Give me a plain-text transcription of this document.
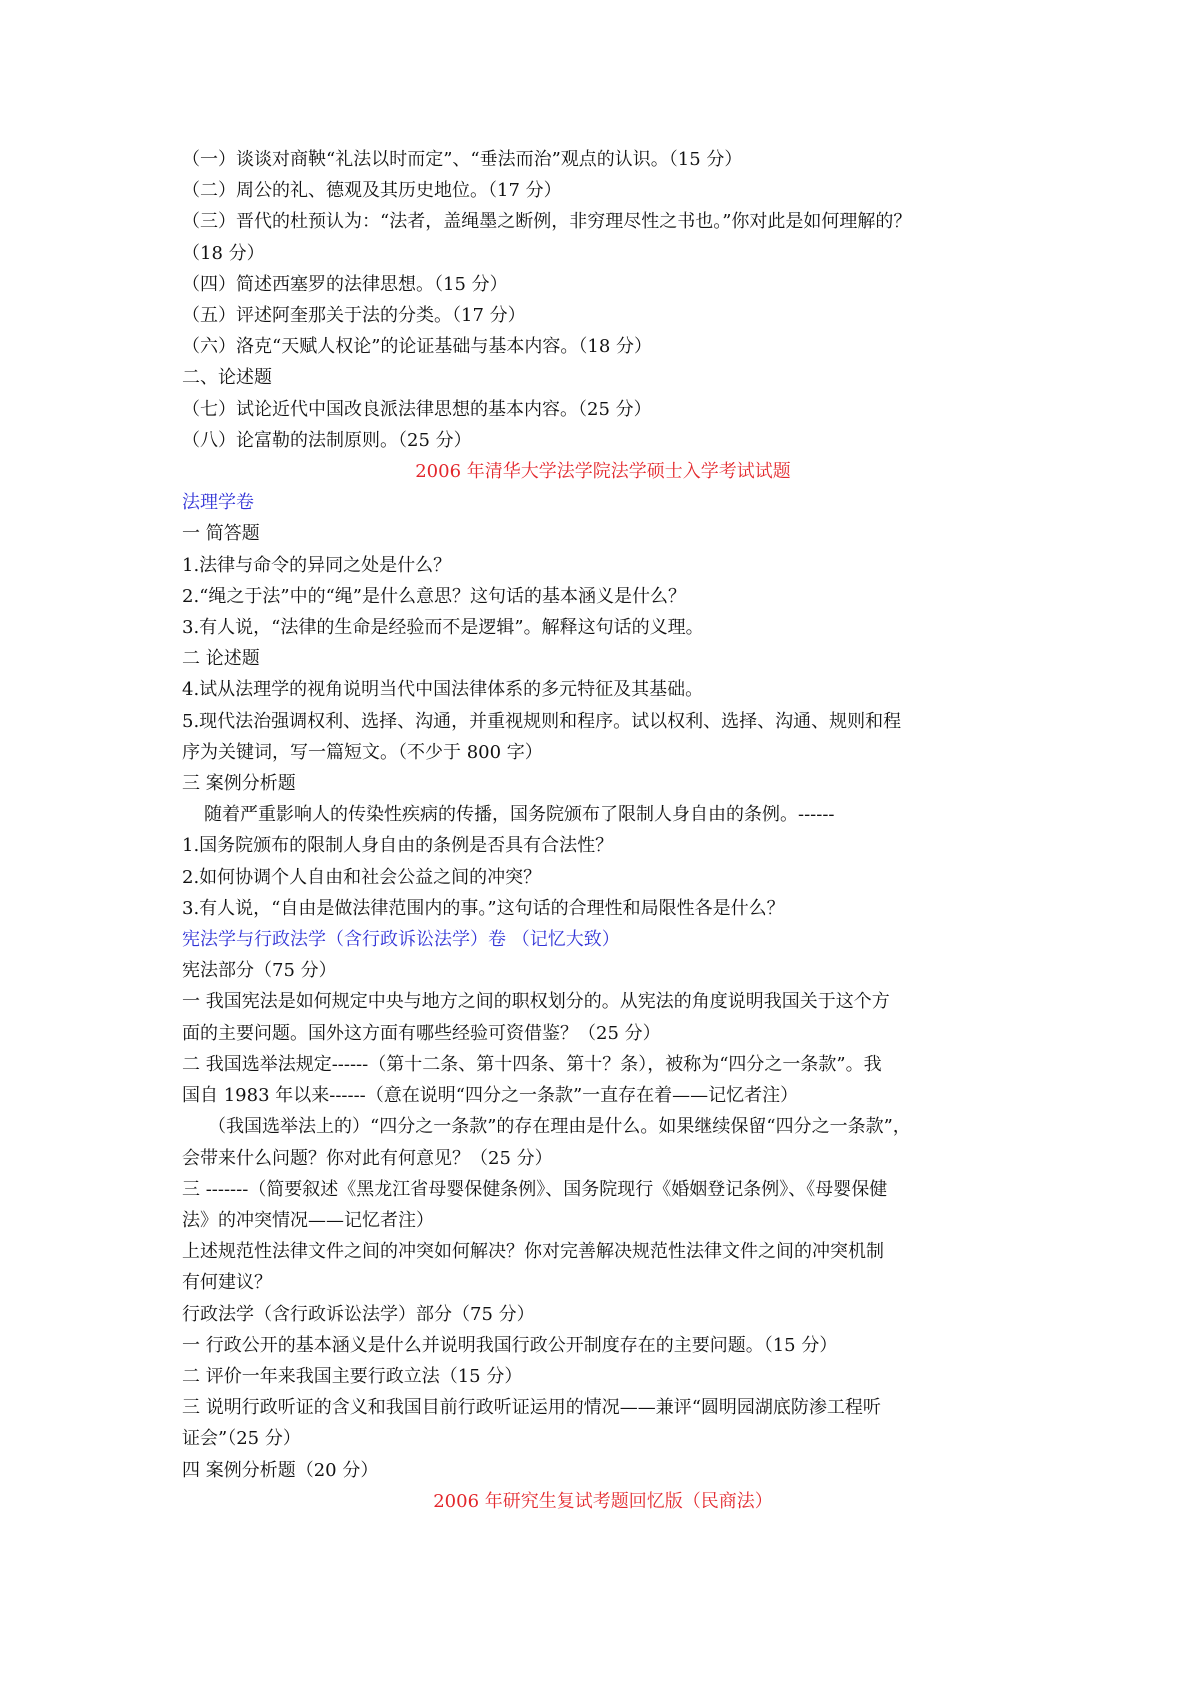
（一）谈谈对商鞅“礼法以时而定”、“垂法而治”观点的认识。（15 分）
（二）周公的礼、德观及其历史地位。（17 分）
（三）晋代的杜预认为：“法者，盖绳墨之断例，非穷理尽性之书也。”你对此是如何理解的？
（18 分）
（四）简述西塞罗的法律思想。（15 分）
（五）评述阿奎那关于法的分类。（17 分）
（六）洛克“天赋人权论”的论证基础与基本内容。（18 分）
二、论述题
（七）试论近代中国改良派法律思想的基本内容。（25 分）
（八）论富勒的法制原则。（25 分）
2006 年清华大学法学院法学硕士入学考试试题
法理学卷
一 简答题
1.法律与命令的异同之处是什么？
2.“绳之于法”中的“绳”是什么意思？这句话的基本涵义是什么？
3.有人说，“法律的生命是经验而不是逻辑”。解释这句话的义理。
二 论述题
4.试从法理学的视角说明当代中国法律体系的多元特征及其基础。
5.现代法治强调权利、选择、沟通，并重视规则和程序。试以权利、选择、沟通、规则和程
序为关键词，写一篇短文。（不少于 800 字）
三 案例分析题
随着严重影响人的传染性疾病的传播，国务院颁布了限制人身自由的条例。------
1.国务院颁布的限制人身自由的条例是否具有合法性？
2.如何协调个人自由和社会公益之间的冲突？
3.有人说，“自由是做法律范围内的事。”这句话的合理性和局限性各是什么？
宪法学与行政法学（含行政诉讼法学）卷 （记忆大致）
宪法部分（75 分）
一 我国宪法是如何规定中央与地方之间的职权划分的。从宪法的角度说明我国关于这个方
面的主要问题。国外这方面有哪些经验可资借鉴？（25 分）
二 我国选举法规定------（第十二条、第十四条、第十？条），被称为“四分之一条款”。我
国自 1983 年以来------（意在说明“四分之一条款”一直存在着——记忆者注）
（我国选举法上的）“四分之一条款”的存在理由是什么。如果继续保留“四分之一条款”，
会带来什么问题？你对此有何意见？（25 分）
三 -------（简要叙述《黑龙江省母婴保健条例》、国务院现行《婚姻登记条例》、《母婴保健
法》的冲突情况——记忆者注）
上述规范性法律文件之间的冲突如何解决？你对完善解决规范性法律文件之间的冲突机制
有何建议？
行政法学（含行政诉讼法学）部分（75 分）
一 行政公开的基本涵义是什么并说明我国行政公开制度存在的主要问题。（15 分）
二 评价一年来我国主要行政立法（15 分）
三 说明行政听证的含义和我国目前行政听证运用的情况——兼评“圆明园湖底防渗工程听
证会”（25 分）
四 案例分析题（20 分）
2006 年研究生复试考题回忆版（民商法）
